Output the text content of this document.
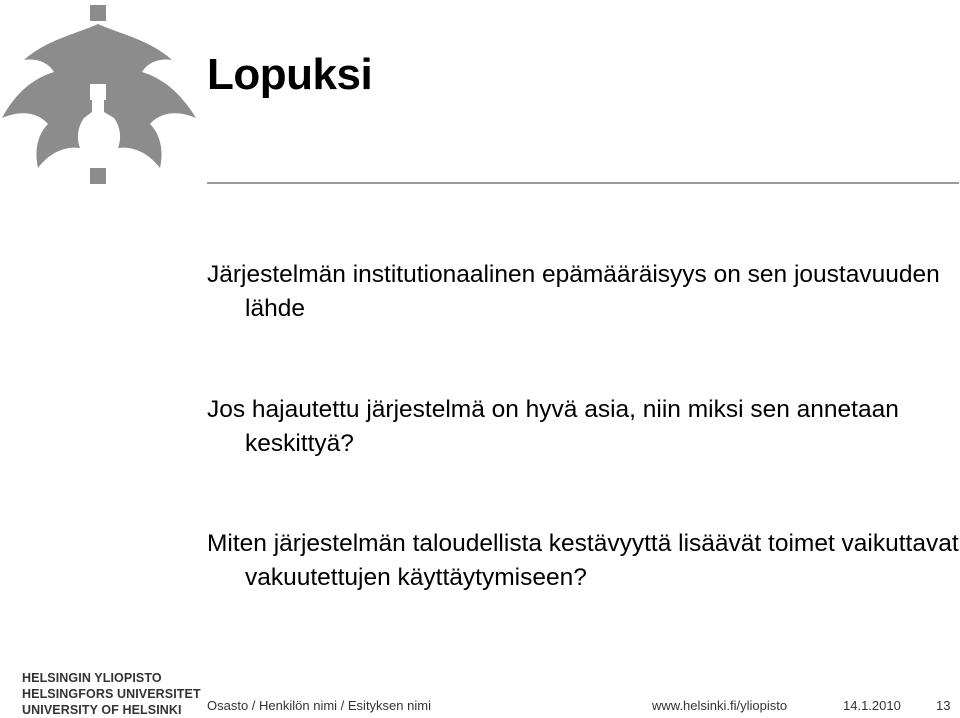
Lopuksi
Järjestelmän institutionaalinen epämääräisyys on sen joustavuuden lähde
Jos hajautettu järjestelmä on hyvä asia, niin miksi sen annetaan keskittyä?
Miten järjestelmän taloudellista kestävyyttä lisäävät toimet vaikuttavat vakuutettujen käyttäytymiseen?
HELSINGIN YLIOPISTO
HELSINGFORS UNIVERSITET
UNIVERSITY OF HELSINKI	Osasto / Henkilön nimi / Esityksen nimi	www.helsinki.fi/yliopisto	14.1.2010	13
